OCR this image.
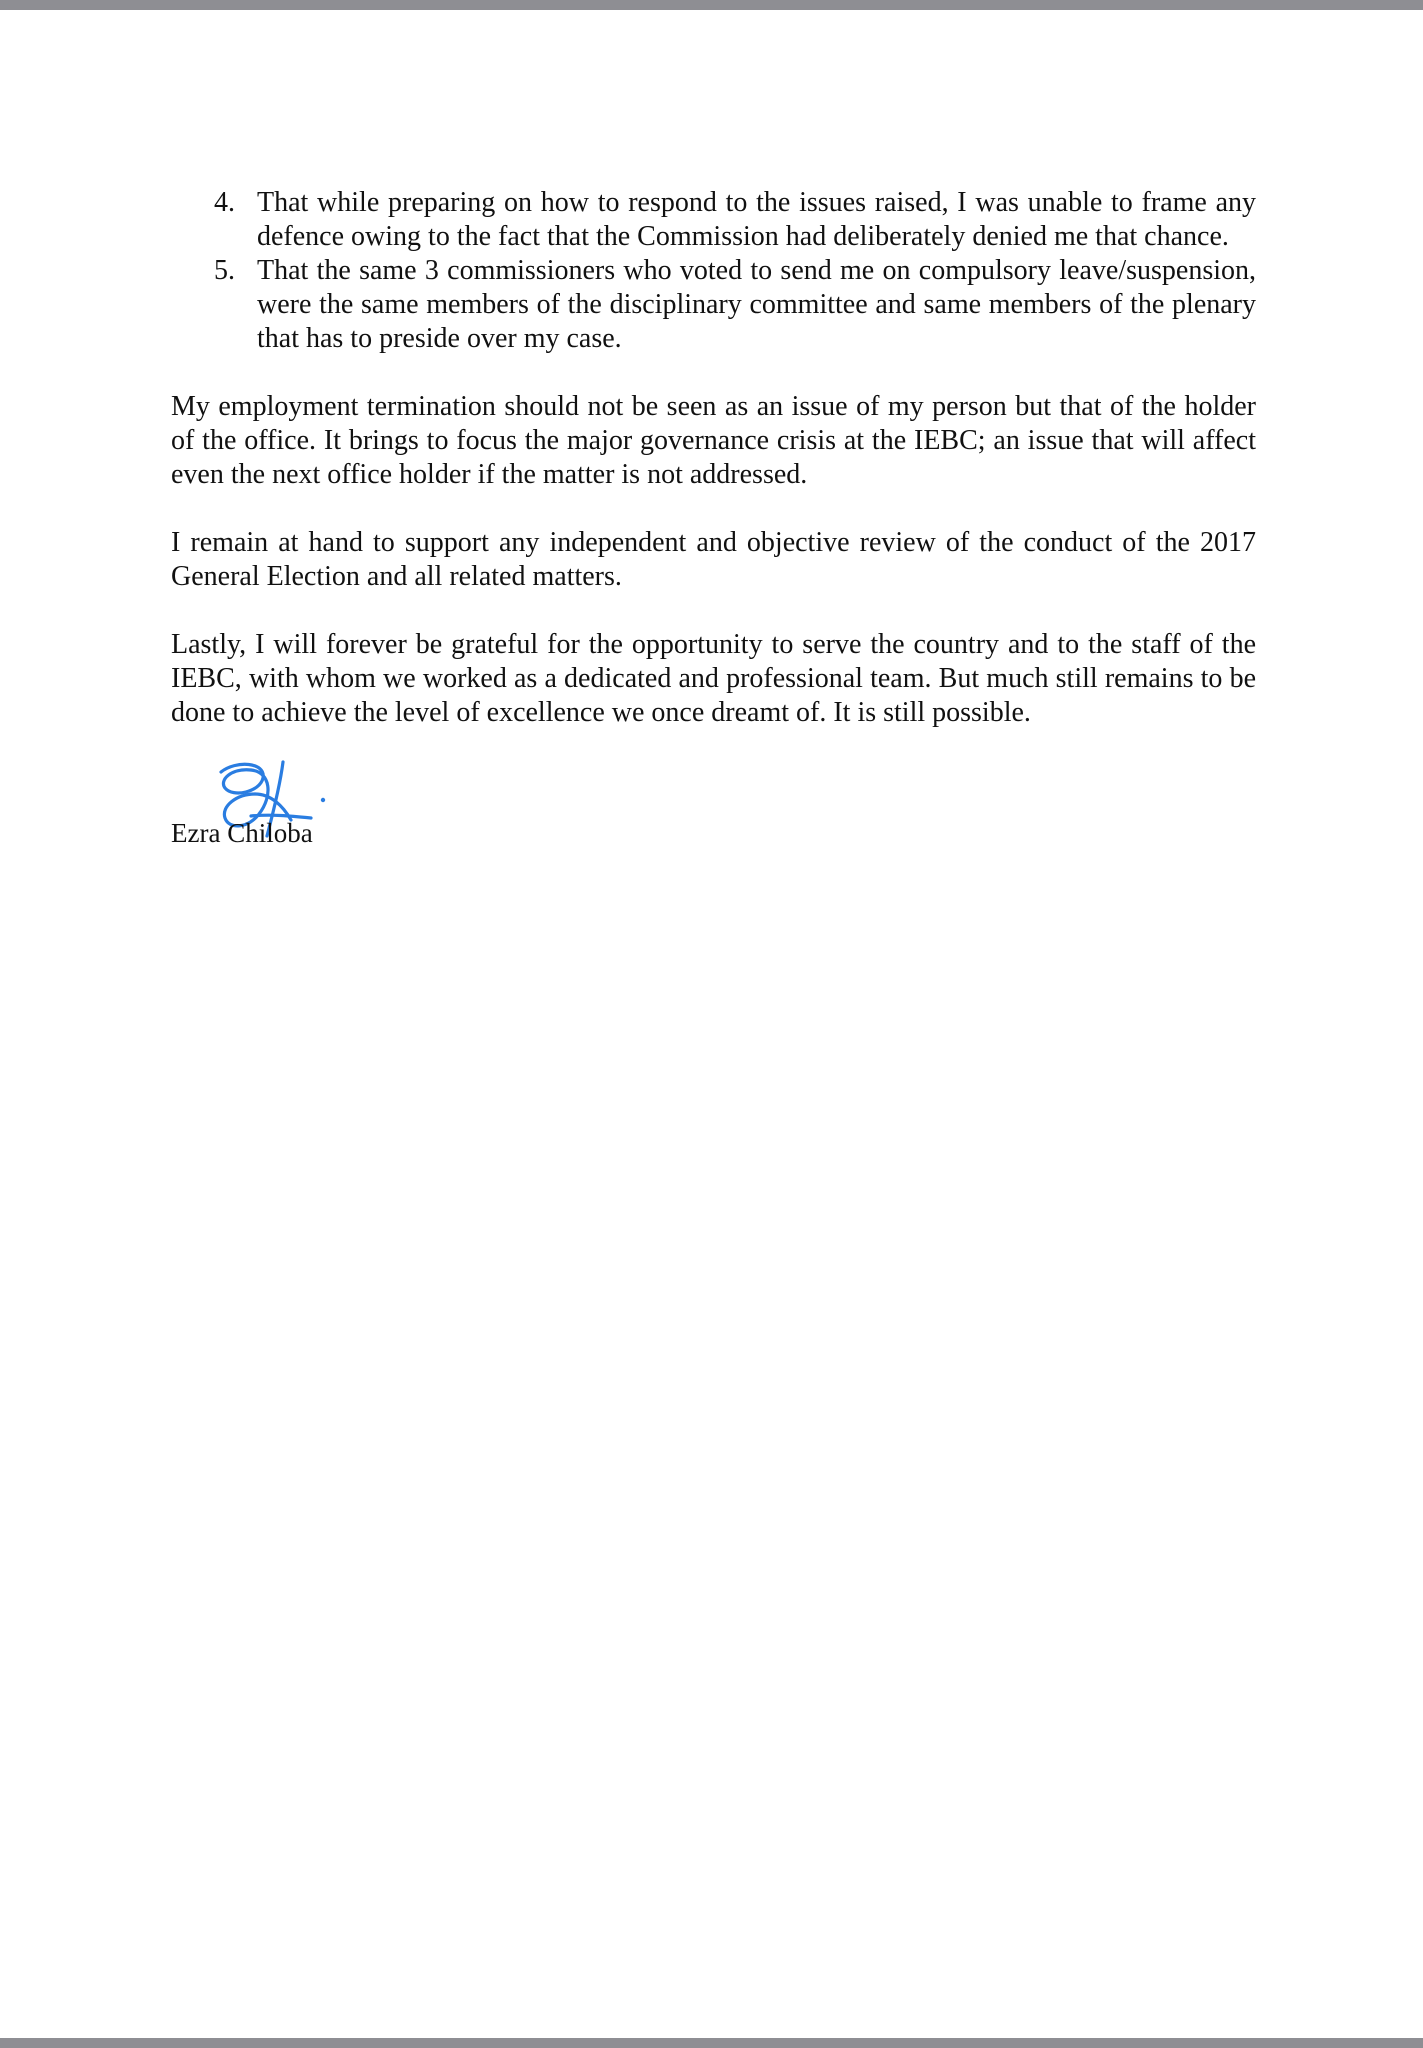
4. That while preparing on how to respond to the issues raised, I was unable to frame any defence owing to the fact that the Commission had deliberately denied me that chance.
5. That the same 3 commissioners who voted to send me on compulsory leave/suspension, were the same members of the disciplinary committee and same members of the plenary that has to preside over my case.

My employment termination should not be seen as an issue of my person but that of the holder of the office. It brings to focus the major governance crisis at the IEBC; an issue that will affect even the next office holder if the matter is not addressed.

I remain at hand to support any independent and objective review of the conduct of the 2017 General Election and all related matters.

Lastly, I will forever be grateful for the opportunity to serve the country and to the staff of the IEBC, with whom we worked as a dedicated and professional team. But much still remains to be done to achieve the level of excellence we once dreamt of. It is still possible.

Ezra Chiloba
